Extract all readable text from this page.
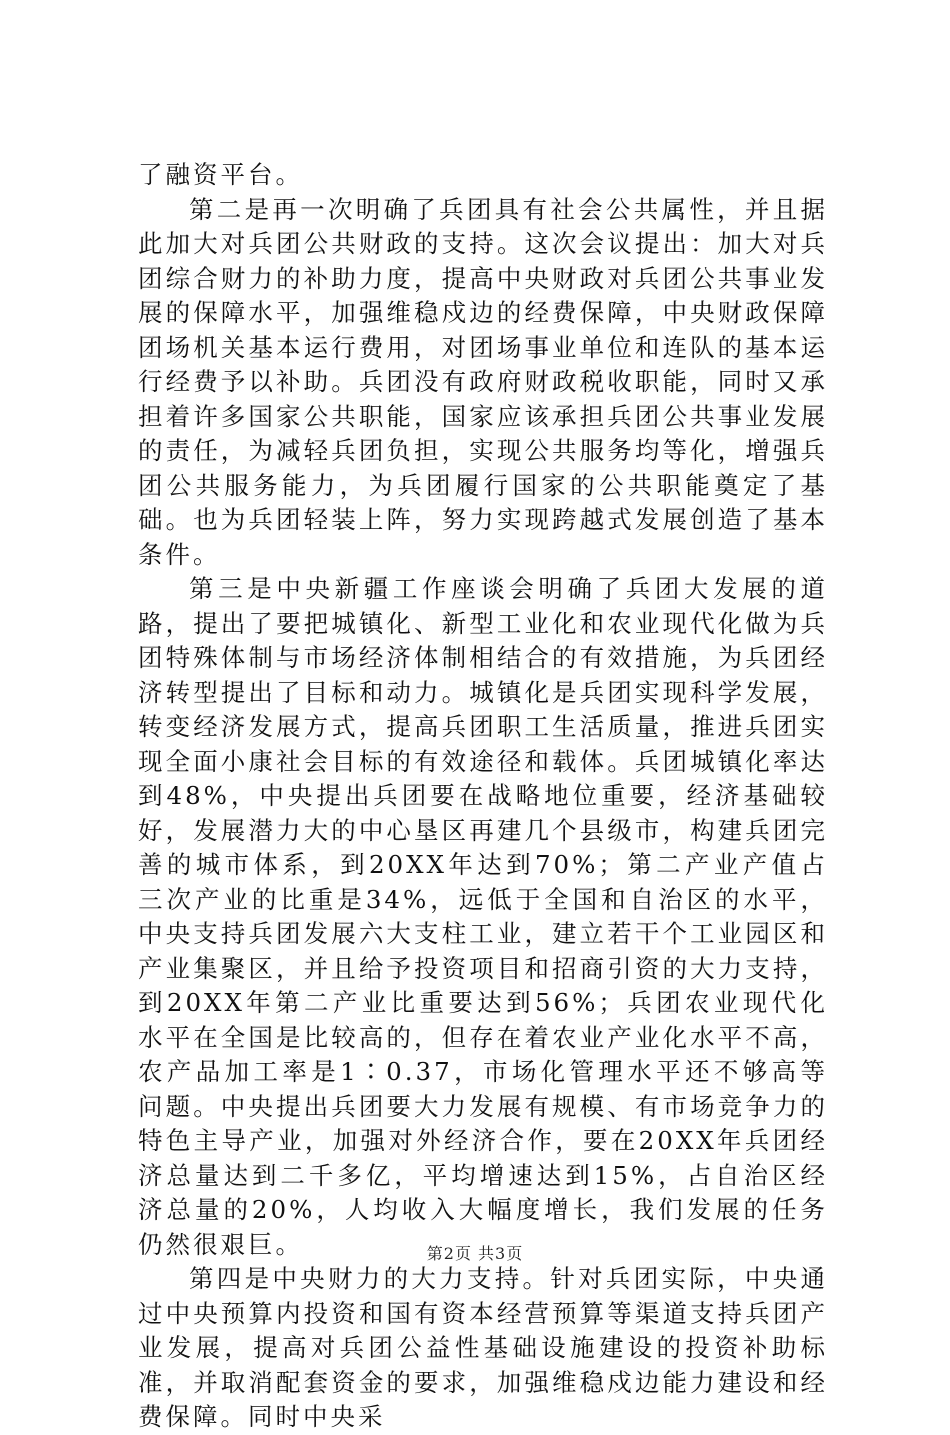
了融资平台。

第二是再一次明确了兵团具有社会公共属性，并且据此加大对兵团公共财政的支持。这次会议提出：加大对兵团综合财力的补助力度，提高中央财政对兵团公共事业发展的保障水平，加强维稳戍边的经费保障，中央财政保障团场机关基本运行费用，对团场事业单位和连队的基本运行经费予以补助。兵团没有政府财政税收职能，同时又承担着许多国家公共职能，国家应该承担兵团公共事业发展的责任，为减轻兵团负担，实现公共服务均等化，增强兵团公共服务能力，为兵团履行国家的公共职能奠定了基础。也为兵团轻装上阵，努力实现跨越式发展创造了基本条件。

第三是中央新疆工作座谈会明确了兵团大发展的道路，提出了要把城镇化、新型工业化和农业现代化做为兵团特殊体制与市场经济体制相结合的有效措施，为兵团经济转型提出了目标和动力。城镇化是兵团实现科学发展，转变经济发展方式，提高兵团职工生活质量，推进兵团实现全面小康社会目标的有效途径和载体。兵团城镇化率达到48%，中央提出兵团要在战略地位重要，经济基础较好，发展潜力大的中心垦区再建几个县级市，构建兵团完善的城市体系，到20XX年达到70%；第二产业产值占三次产业的比重是34%，远低于全国和自治区的水平，中央支持兵团发展六大支柱工业，建立若干个工业园区和产业集聚区，并且给予投资项目和招商引资的大力支持，到20XX年第二产业比重要达到56%；兵团农业现代化水平在全国是比较高的，但存在着农业产业化水平不高，农产品加工率是1∶0.37，市场化管理水平还不够高等问题。中央提出兵团要大力发展有规模、有市场竞争力的特色主导产业，加强对外经济合作，要在20XX年兵团经济总量达到二千多亿，平均增速达到15%，占自治区经济总量的20%，人均收入大幅度增长，我们发展的任务仍然很艰巨。

第四是中央财力的大力支持。针对兵团实际，中央通过中央预算内投资和国有资本经营预算等渠道支持兵团产业发展，提高对兵团公益性基础设施建设的投资补助标准，并取消配套资金的要求，加强维稳戍边能力建设和经费保障。同时中央采

第2页 共3页
